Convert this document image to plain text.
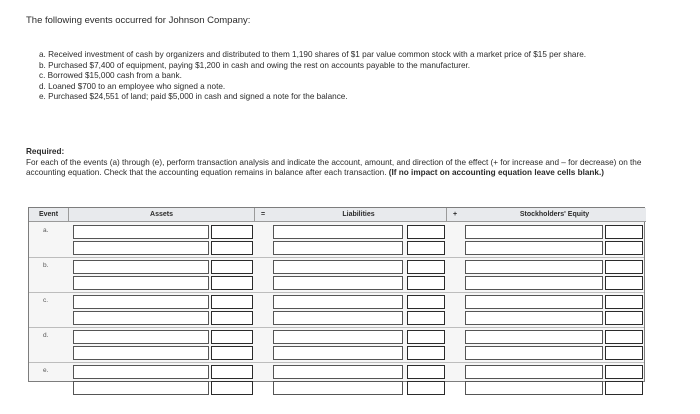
The following events occurred for Johnson Company:
a. Received investment of cash by organizers and distributed to them 1,190 shares of $1 par value common stock with a market price of $15 per share.
b. Purchased $7,400 of equipment, paying $1,200 in cash and owing the rest on accounts payable to the manufacturer.
c. Borrowed $15,000 cash from a bank.
d. Loaned $700 to an employee who signed a note.
e. Purchased $24,551 of land; paid $5,000 in cash and signed a note for the balance.
Required:
For each of the events (a) through (e), perform transaction analysis and indicate the account, amount, and direction of the effect (+ for increase and – for decrease) on the accounting equation. Check that the accounting equation remains in balance after each transaction. (If no impact on accounting equation leave cells blank.)
Event	Assets	=	Liabilities	+	Stockholders' Equity
a.
b.
c.
d.
e.
